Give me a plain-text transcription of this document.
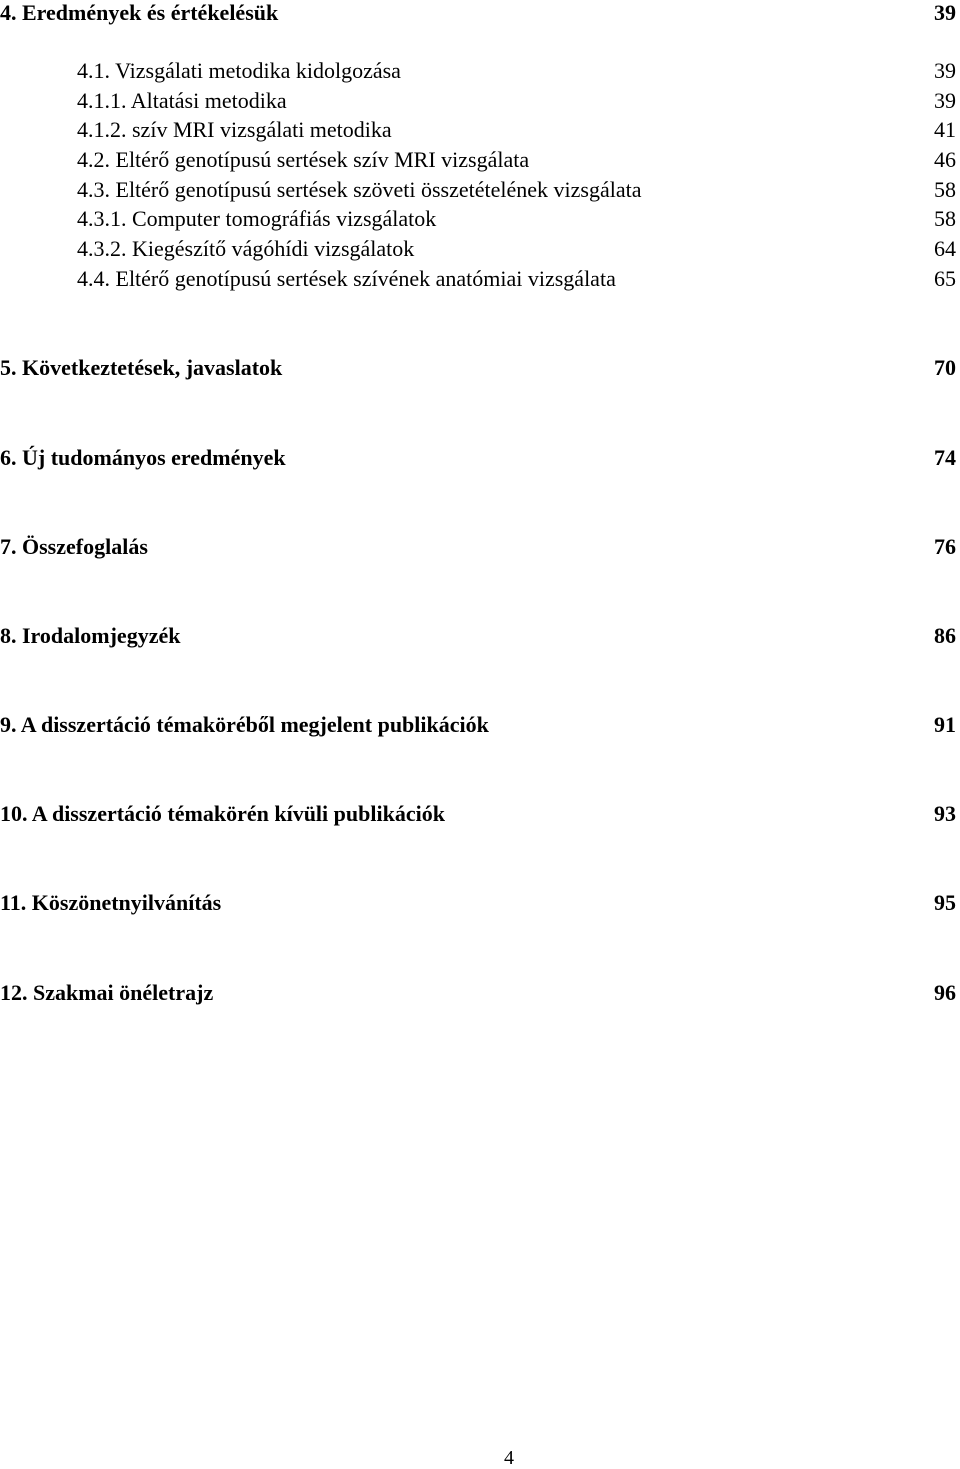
4. Eredmények és értékelésük	39
4.1. Vizsgálati metodika kidolgozása	39
4.1.1. Altatási metodika	39
4.1.2. szív MRI vizsgálati metodika	41
4.2. Eltérő genotípusú sertések szív MRI vizsgálata	46
4.3. Eltérő genotípusú sertések szöveti összetételének vizsgálata	58
4.3.1. Computer tomográfiás vizsgálatok	58
4.3.2. Kiegészítő vágóhídi vizsgálatok	64
4.4. Eltérő genotípusú sertések szívének anatómiai vizsgálata	65
5. Következtetések, javaslatok	70
6. Új tudományos eredmények	74
7. Összefoglalás	76
8. Irodalomjegyzék	86
9. A disszertáció témaköréből megjelent publikációk	91
10. A disszertáció témakörén kívüli publikációk	93
11. Köszönetnyilvánítás	95
12. Szakmai önéletrajz	96
4
